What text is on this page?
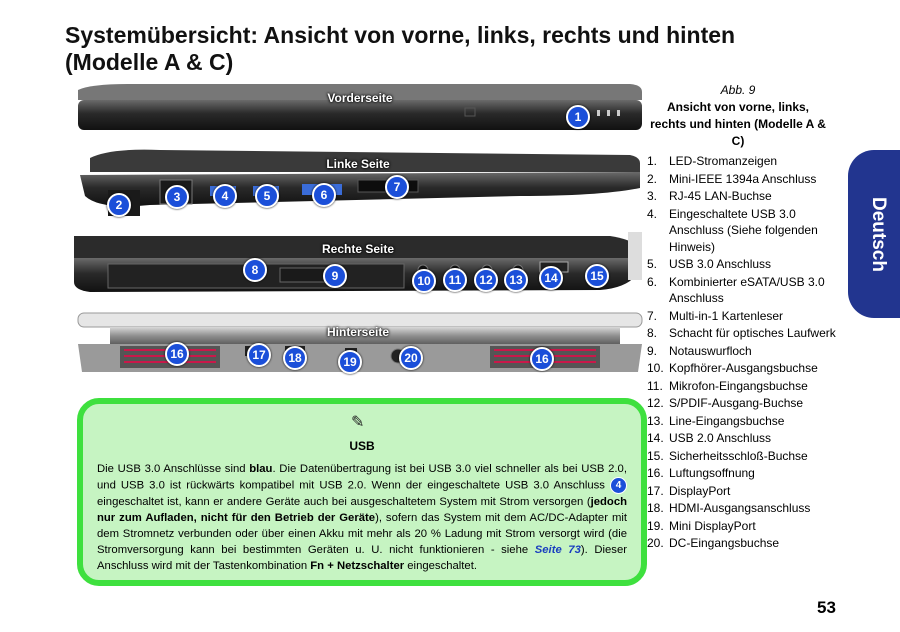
Systemübersicht: Ansicht von vorne, links, rechts und hinten (Modelle A & C)
Vorderseite
Linke Seite
Rechte Seite
Hinterseite
1
2
3	4	5	6
7
8	9	10	11	12	13	14	15
16	16
17	18	19	20
Abb. 9
Ansicht von vorne, links, rechts und hinten (Modelle A & C)
1. LED-Stromanzeigen
2. Mini-IEEE 1394a Anschluss
3. RJ-45 LAN-Buchse
4. Eingeschaltete USB 3.0 Anschluss (Siehe folgenden Hinweis)
5. USB 3.0 Anschluss
6. Kombinierter eSATA/USB 3.0 Anschluss
7. Multi-in-1 Kartenleser
8. Schacht für optisches Laufwerk
9. Notauswurfloch
10. Kopfhörer-Ausgangsbuchse
11. Mikrofon-Eingangsbuchse
12. S/PDIF-Ausgang-Buchse
13. Line-Eingangsbuchse
14. USB 2.0 Anschluss
15. Sicherheitsschloß-Buchse
16. Luftungsoffnung
17. DisplayPort
18. HDMI-Ausgangsanschluss
19. Mini DisplayPort
20. DC-Eingangsbuchse
Deutsch
✎
USB
Die USB 3.0 Anschlüsse sind blau. Die Datenübertragung ist bei USB 3.0 viel schneller als bei USB 2.0, und USB 3.0 ist rückwärts kompatibel mit USB 2.0. Wenn der eingeschaltete USB 3.0 Anschluss 4 eingeschaltet ist, kann er andere Geräte auch bei ausgeschaltetem System mit Strom versorgen (jedoch nur zum Aufladen, nicht für den Betrieb der Geräte), sofern das System mit dem AC/DC-Adapter mit dem Stromnetz verbunden oder über einen Akku mit mehr als 20 % Ladung mit Strom versorgt wird (die Stromversorgung kann bei bestimmten Geräten u. U. nicht funktionieren - siehe Seite 73). Dieser Anschluss wird mit der Tastenkombination Fn + Netzschalter eingeschaltet.
53
